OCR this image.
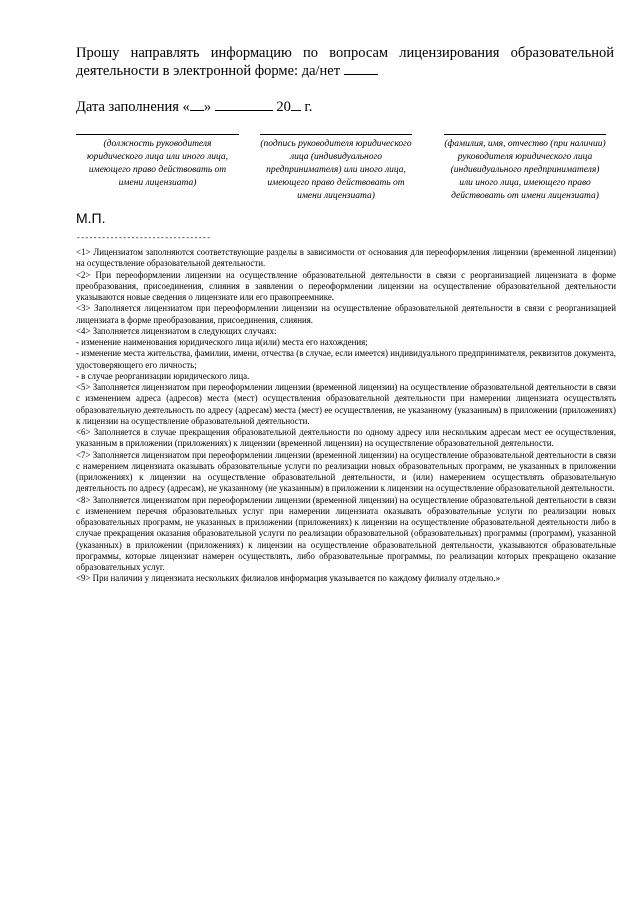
Прошу направлять информацию по вопросам лицензирования образовательной деятельности в электронной форме: да/нет
Дата заполнения « »	20 г.
(должность руководителя юридического лица или иного лица, имеющего право действовать от имени лицензиата)
(подпись руководителя юридического лица (индивидуального предпринимателя) или иного лица, имеющего право действовать от имени лицензиата)
(фамилия, имя, отчество (при наличии) руководителя юридического лица (индивидуального предпринимателя) или иного лица, имеющего право действовать от имени лицензиата)
М.П.
--------------------------------

<1> Лицензиатом заполняются соответствующие разделы в зависимости от основания для переоформления лицензии (временной лицензии) на осуществление образовательной деятельности.

<2> При переоформлении лицензии на осуществление образовательной деятельности в связи с реорганизацией лицензиата в форме преобразования, присоединения, слияния в заявлении о переоформлении лицензии на осуществление образовательной деятельности указываются новые сведения о лицензиате или его правопреемнике.

<3> Заполняется лицензиатом при переоформлении лицензии на осуществление образовательной деятельности в связи с реорганизацией лицензиата в форме преобразования, присоединения, слияния.

<4> Заполняется лицензиатом в следующих случаях:

- изменение наименования юридического лица и(или) места его нахождения;

- изменение места жительства, фамилии, имени, отчества (в случае, если имеется) индивидуального предпринимателя, реквизитов документа, удостоверяющего его личность;

- в случае реорганизации юридического лица.

<5> Заполняется лицензиатом при переоформлении лицензии (временной лицензии) на осуществление образовательной деятельности в связи с изменением адреса (адресов) места (мест) осуществления образовательной деятельности при намерении лицензиата осуществлять образовательную деятельность по адресу (адресам) места (мест) ее осуществления, не указанному (указанным) в приложении (приложениях) к лицензии на осуществление образовательной деятельности.

<6> Заполняется в случае прекращения образовательной деятельности по одному адресу или нескольким адресам мест ее осуществления, указанным в приложении (приложениях) к лицензии (временной лицензии) на осуществление образовательной деятельности.

<7> Заполняется лицензиатом при переоформлении лицензии (временной лицензии) на осуществление образовательной деятельности в связи с намерением лицензиата оказывать образовательные услуги по реализации новых образовательных программ, не указанных в приложении (приложениях) к лицензии на осуществление образовательной деятельности, и (или) намерением осуществлять образовательную деятельность по адресу (адресам), не указанному (не указанным) в приложении к лицензии на осуществление образовательной деятельности.

<8> Заполняется лицензиатом при переоформлении лицензии (временной лицензии) на осуществление образовательной деятельности в связи с изменением перечня образовательных услуг при намерении лицензиата оказывать образовательные услуги по реализации новых образовательных программ, не указанных в приложении (приложениях) к лицензии на осуществление образовательной деятельности либо в случае прекращения оказания образовательной услуги по реализации образовательной (образовательных) программы (программ), указанной (указанных) в приложении (приложениях) к лицензии на осуществление образовательной деятельности, указываются образовательные программы, которые лицензиат намерен осуществлять, либо образовательные программы, по реализации которых прекращено оказание образовательных услуг.

<9> При наличии у лицензиата нескольких филиалов информация указывается по каждому филиалу отдельно.»
